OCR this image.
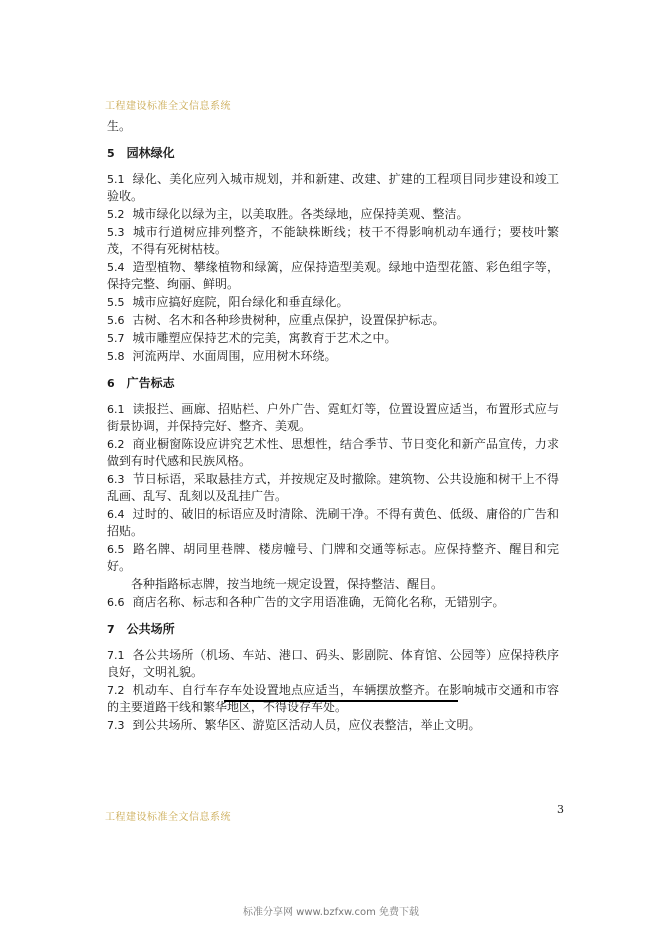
工程建设标准全文信息系统

生。

5 园林绿化

5.1 绿化、美化应列入城市规划，并和新建、改建、扩建的工程项目同步建设和竣工验收。

5.2 城市绿化以绿为主，以美取胜。各类绿地，应保持美观、整洁。

5.3 城市行道树应排列整齐，不能缺株断线；枝干不得影响机动车通行；要枝叶繁茂，不得有死树枯枝。

5.4 造型植物、攀缘植物和绿篱，应保持造型美观。绿地中造型花篮、彩色组字等，保持完整、绚丽、鲜明。

5.5 城市应搞好庭院，阳台绿化和垂直绿化。

5.6 古树、名木和各种珍贵树种，应重点保护，设置保护标志。

5.7 城市雕塑应保持艺术的完美，寓教育于艺术之中。

5.8 河流两岸、水面周围，应用树木环绕。

6 广告标志

6.1 读报拦、画廊、招贴栏、户外广告、霓虹灯等，位置设置应适当，布置形式应与街景协调，并保持完好、整齐、美观。

6.2 商业橱窗陈设应讲究艺术性、思想性，结合季节、节日变化和新产品宣传，力求做到有时代感和民族风格。

6.3 节日标语，采取悬挂方式，并按规定及时撤除。建筑物、公共设施和树干上不得乱画、乱写、乱刻以及乱挂广告。

6.4 过时的、破旧的标语应及时清除、洗刷干净。不得有黄色、低级、庸俗的广告和招贴。

6.5 路名牌、胡同里巷牌、楼房幢号、门牌和交通等标志。应保持整齐、醒目和完好。

各种指路标志牌，按当地统一规定设置，保持整洁、醒目。

6.6 商店名称、标志和各种广告的文字用语准确，无简化名称，无错别字。

7 公共场所

7.1 各公共场所（机场、车站、港口、码头、影剧院、体育馆、公园等）应保持秩序良好，文明礼貌。

7.2 机动车、自行车存车处设置地点应适当，车辆摆放整齐。在影响城市交通和市容的主要道路干线和繁华地区，不得设存车处。

7.3 到公共场所、繁华区、游览区活动人员，应仪表整洁，举止文明。

工程建设标准全文信息系统
3
标准分享网 www.bzfxw.com 免费下载
